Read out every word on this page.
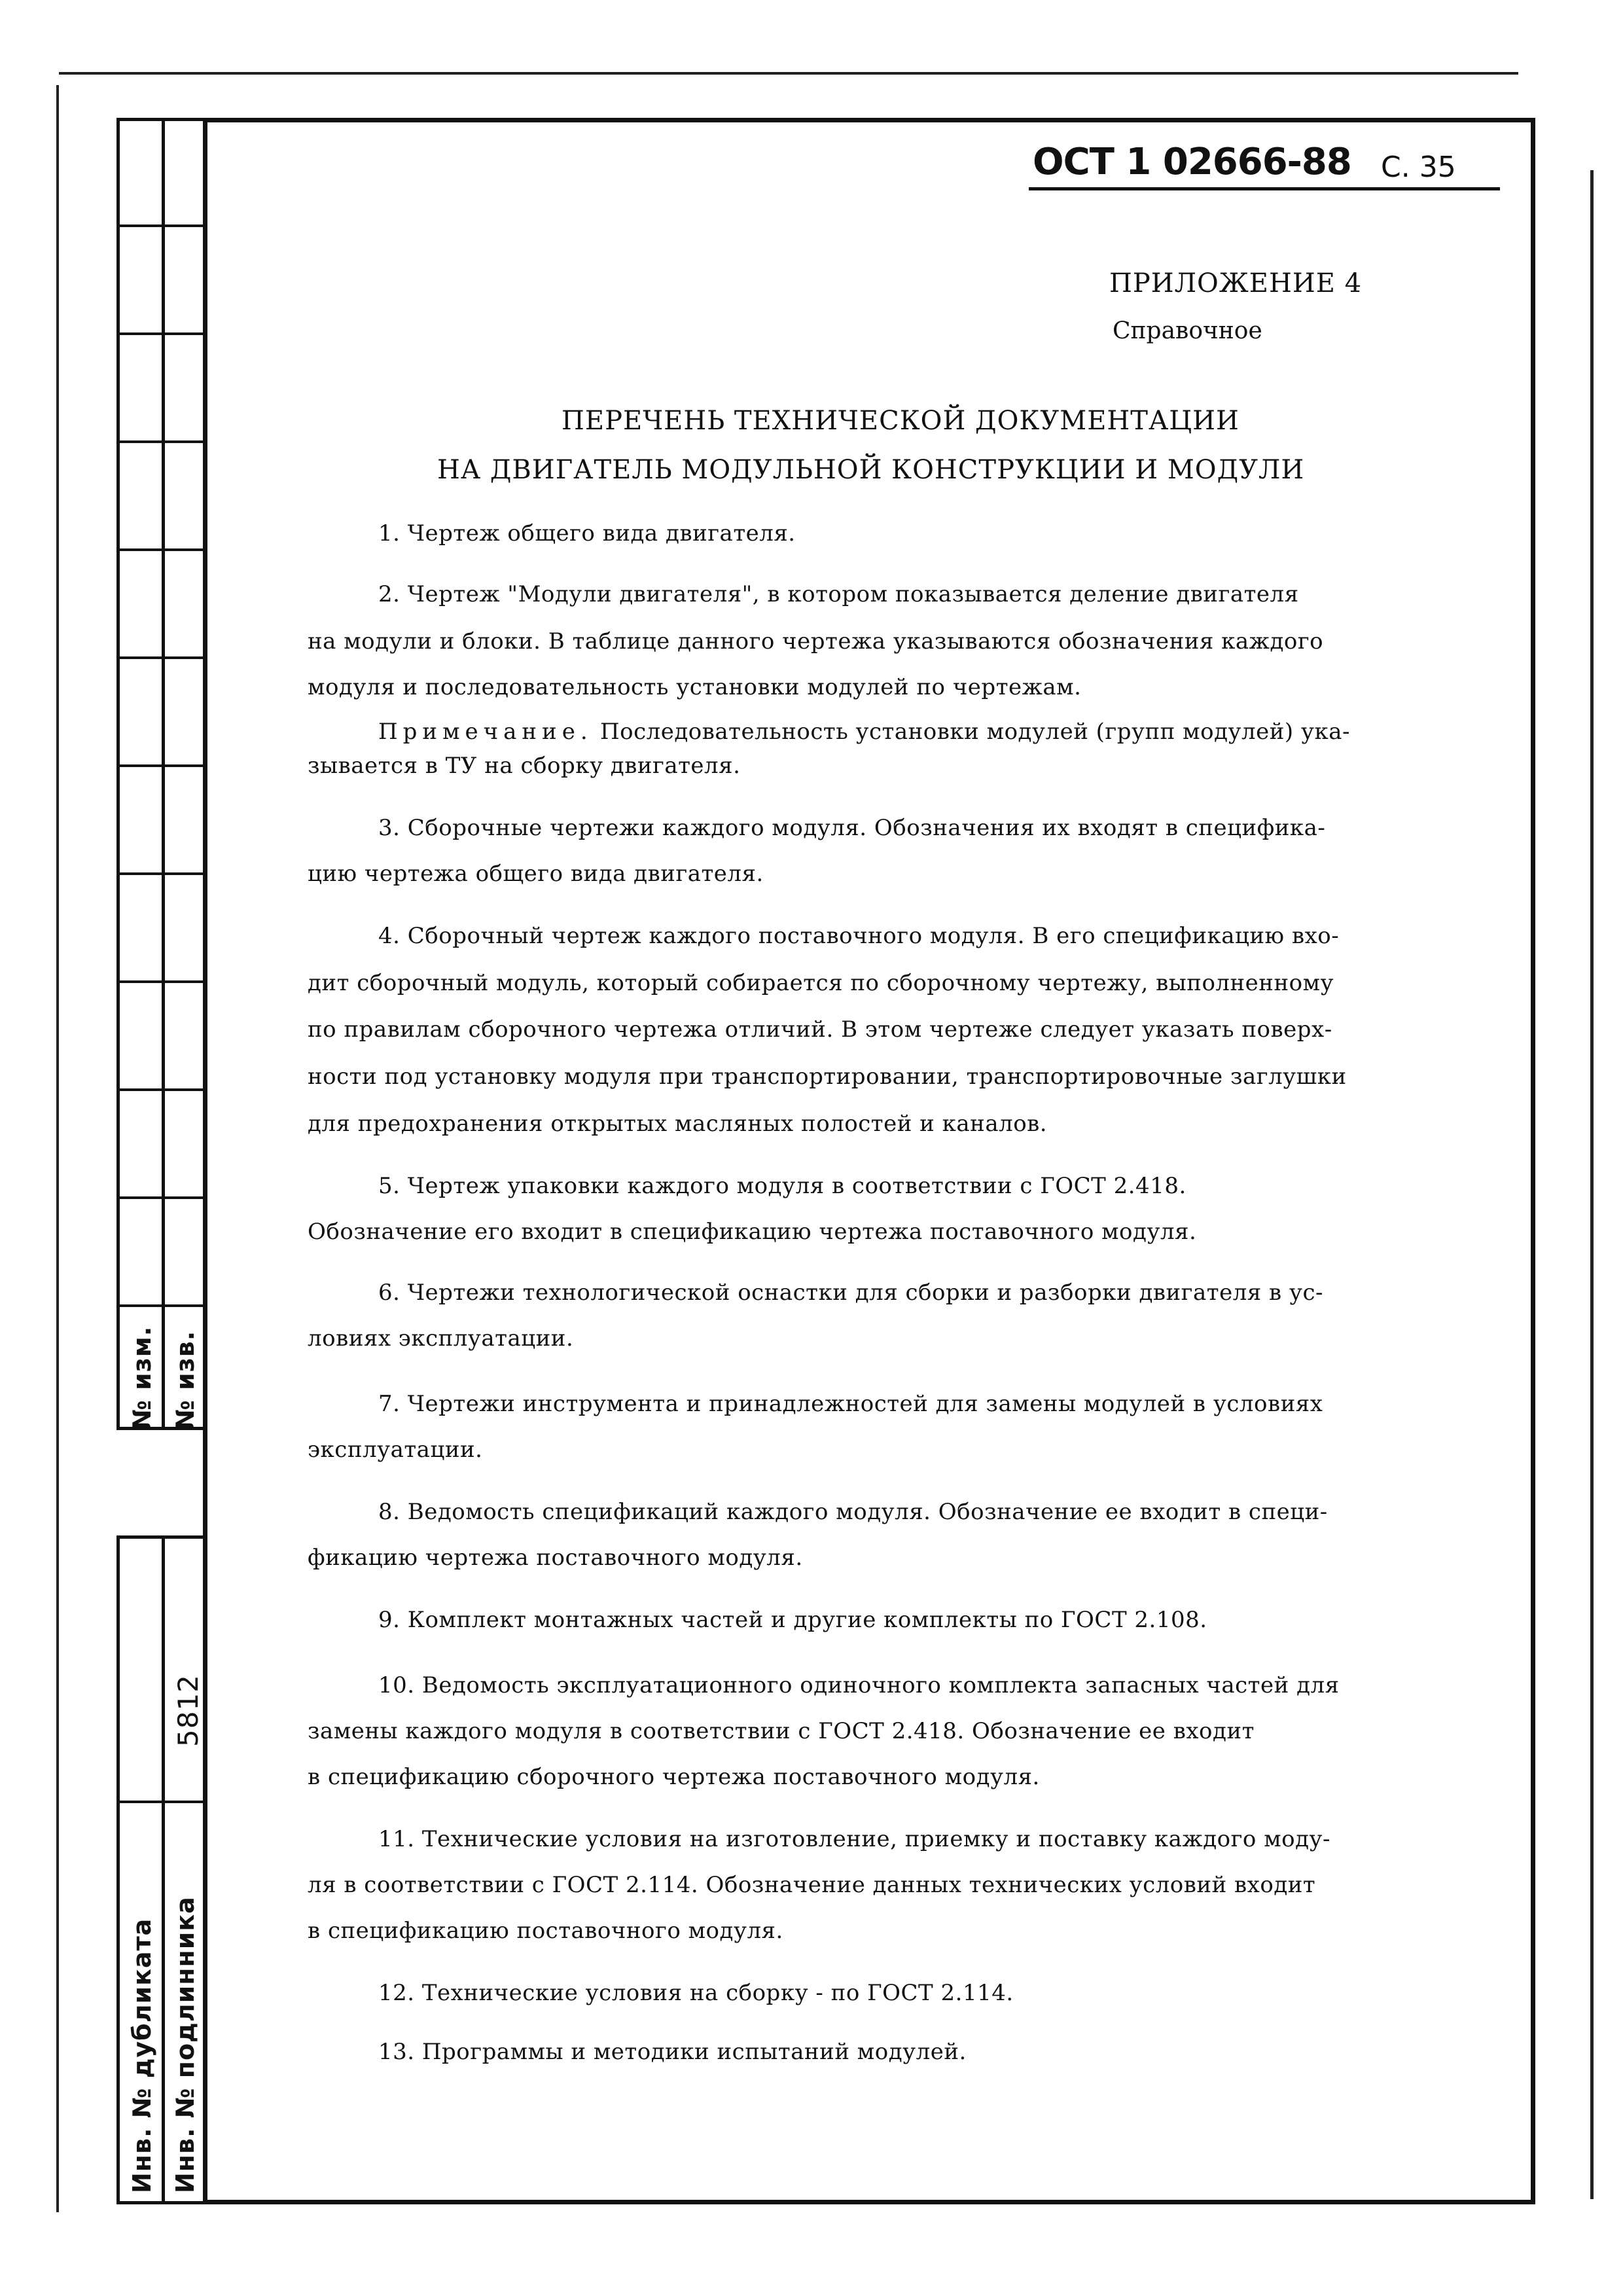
№ изм. № изв.
5812
Инв. № дубликата Инв. № подлинника
ОСТ 1 02666-88 С. 35
ПРИЛОЖЕНИЕ 4
Справочное
ПЕРЕЧЕНЬ ТЕХНИЧЕСКОЙ ДОКУМЕНТАЦИИ
НА ДВИГАТЕЛЬ МОДУЛЬНОЙ КОНСТРУКЦИИ И МОДУЛИ
1. Чертеж общего вида двигателя.
2. Чертеж "Модули двигателя", в котором показывается деление двигателя
на модули и блоки. В таблице данного чертежа указываются обозначения каждого
модуля и последовательность установки модулей по чертежам.
Примечание. Последовательность установки модулей (групп модулей) ука-
зывается в ТУ на сборку двигателя.
3. Сборочные чертежи каждого модуля. Обозначения их входят в специфика-
цию чертежа общего вида двигателя.
4. Сборочный чертеж каждого поставочного модуля. В его спецификацию вхо-
дит сборочный модуль, который собирается по сборочному чертежу, выполненному
по правилам сборочного чертежа отличий. В этом чертеже следует указать поверх-
ности под установку модуля при транспортировании, транспортировочные заглушки
для предохранения открытых масляных полостей и каналов.
5. Чертеж упаковки каждого модуля в соответствии с ГОСТ 2.418.
Обозначение его входит в спецификацию чертежа поставочного модуля.
6. Чертежи технологической оснастки для сборки и разборки двигателя в ус-
ловиях эксплуатации.
7. Чертежи инструмента и принадлежностей для замены модулей в условиях
эксплуатации.
8. Ведомость спецификаций каждого модуля. Обозначение ее входит в специ-
фикацию чертежа поставочного модуля.
9. Комплект монтажных частей и другие комплекты по ГОСТ 2.108.
10. Ведомость эксплуатационного одиночного комплекта запасных частей для
замены каждого модуля в соответствии с ГОСТ 2.418. Обозначение ее входит
в спецификацию сборочного чертежа поставочного модуля.
11. Технические условия на изготовление, приемку и поставку каждого моду-
ля в соответствии с ГОСТ 2.114. Обозначение данных технических условий входит
в спецификацию поставочного модуля.
12. Технические условия на сборку - по ГОСТ 2.114.
13. Программы и методики испытаний модулей.
